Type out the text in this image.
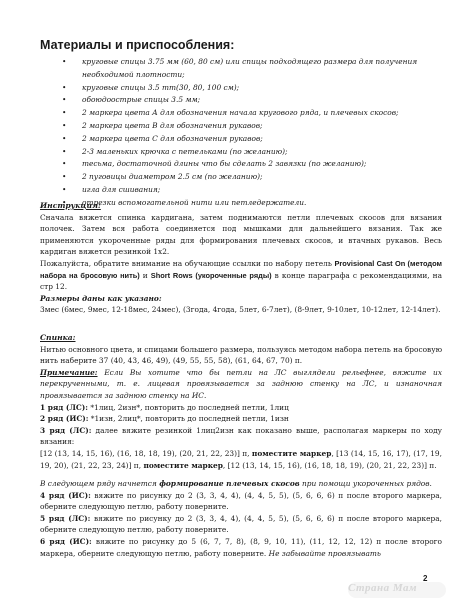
Материалы и приспособления:
• круговые спицы 3.75 мм (60, 80 см) или спицы подходящего размера для получения
необходимой плотности;
• круговые спицы 3.5 mm(30, 80, 100 см);
• обоюдоострые спицы 3.5 мм;
• 2 маркера цвета А для обозначения начала кругового ряда, и плечевых скосов;
• 2 маркера цвета В для обозначения рукавов;
• 2 маркера цвета С для обозначения рукавов;
• 2-3 маленьких крючка с петельками (по желанию);
• тесьма, достаточной длины что бы сделать 2 завязки (по желанию);
• 2 пуговицы диаметром 2.5 см (по желанию);
• игла для сшивания;
• отрезки вспомогательной нити или петледержатели.
Инструкция:
Сначала вяжется спинка кардигана, затем поднимаются петли плечевых скосов для вязания полочек. Затем вся работа соединяется под мышками для дальнейшего вязания. Так же применяются укороченные ряды для формирования плечевых скосов, и втачных рукавов. Весь кардиган вяжется резинкой 1х2.
Пожалуйста, обратите внимание на обучающие ссылки по набору петель Provisional Cast On (методом набора на бросовую нить) и Short Rows (укороченные ряды) в конце параграфа с рекомендациями, на стр 12.
Размеры даны как указано:
3мес (6мес, 9мес, 12-18мес, 24мес), (3года, 4года, 5лет, 6-7лет), (8-9лет, 9-10лет, 10-12лет, 12-14лет).
Спинка:
Нитью основного цвета, и спицами большего размера, пользуясь методом набора петель на бросовую нить наберите 37 (40, 43, 46, 49), (49, 55, 55, 58), (61, 64, 67, 70) п.
Примечание: Если Вы хотите что бы петли на ЛС выглядели рельефнее, вяжите их перекрученными, т. е. лицевая провязывается за заднюю стенку на ЛС, и изнаночная провязывается за заднюю стенку на ИС.
1 ряд (ЛС): *1лиц, 2изн*, повторить до последней петли, 1лиц
2 ряд (ИС): *1изн, 2лиц*, повторить до последней петли, 1изн
3 ряд (ЛС): далее вяжите резинкой 1лиц2изн как показано выше, располагая маркеры по ходу вязания:
[12 (13, 14, 15, 16), (16, 18, 18, 19), (20, 21, 22, 23)] п, поместите маркер, [13 (14, 15, 16, 17), (17, 19, 19, 20), (21, 22, 23, 24)] п, поместите маркер, [12 (13, 14, 15, 16), (16, 18, 18, 19), (20, 21, 22, 23)] п.
В следующем ряду начнется формирование плечевых скосов при помощи укороченных рядов.
4 ряд (ИС): вяжите по рисунку до 2 (3, 3, 4, 4), (4, 4, 5, 5), (5, 6, 6, 6) п после второго маркера, оберните следующую петлю, работу поверните.
5 ряд (ЛС): вяжите по рисунку до 2 (3, 3, 4, 4), (4, 4, 5, 5), (5, 6, 6, 6) п после второго маркера, оберните следующую петлю, работу поверните.
6 ряд (ИС): вяжите по рисунку до 5 (6, 7, 7, 8), (8, 9, 10, 11), (11, 12, 12, 12) п после второго маркера, оберните следующую петлю, работу поверните. Не забывайте провязывать
2
Страна Мам
